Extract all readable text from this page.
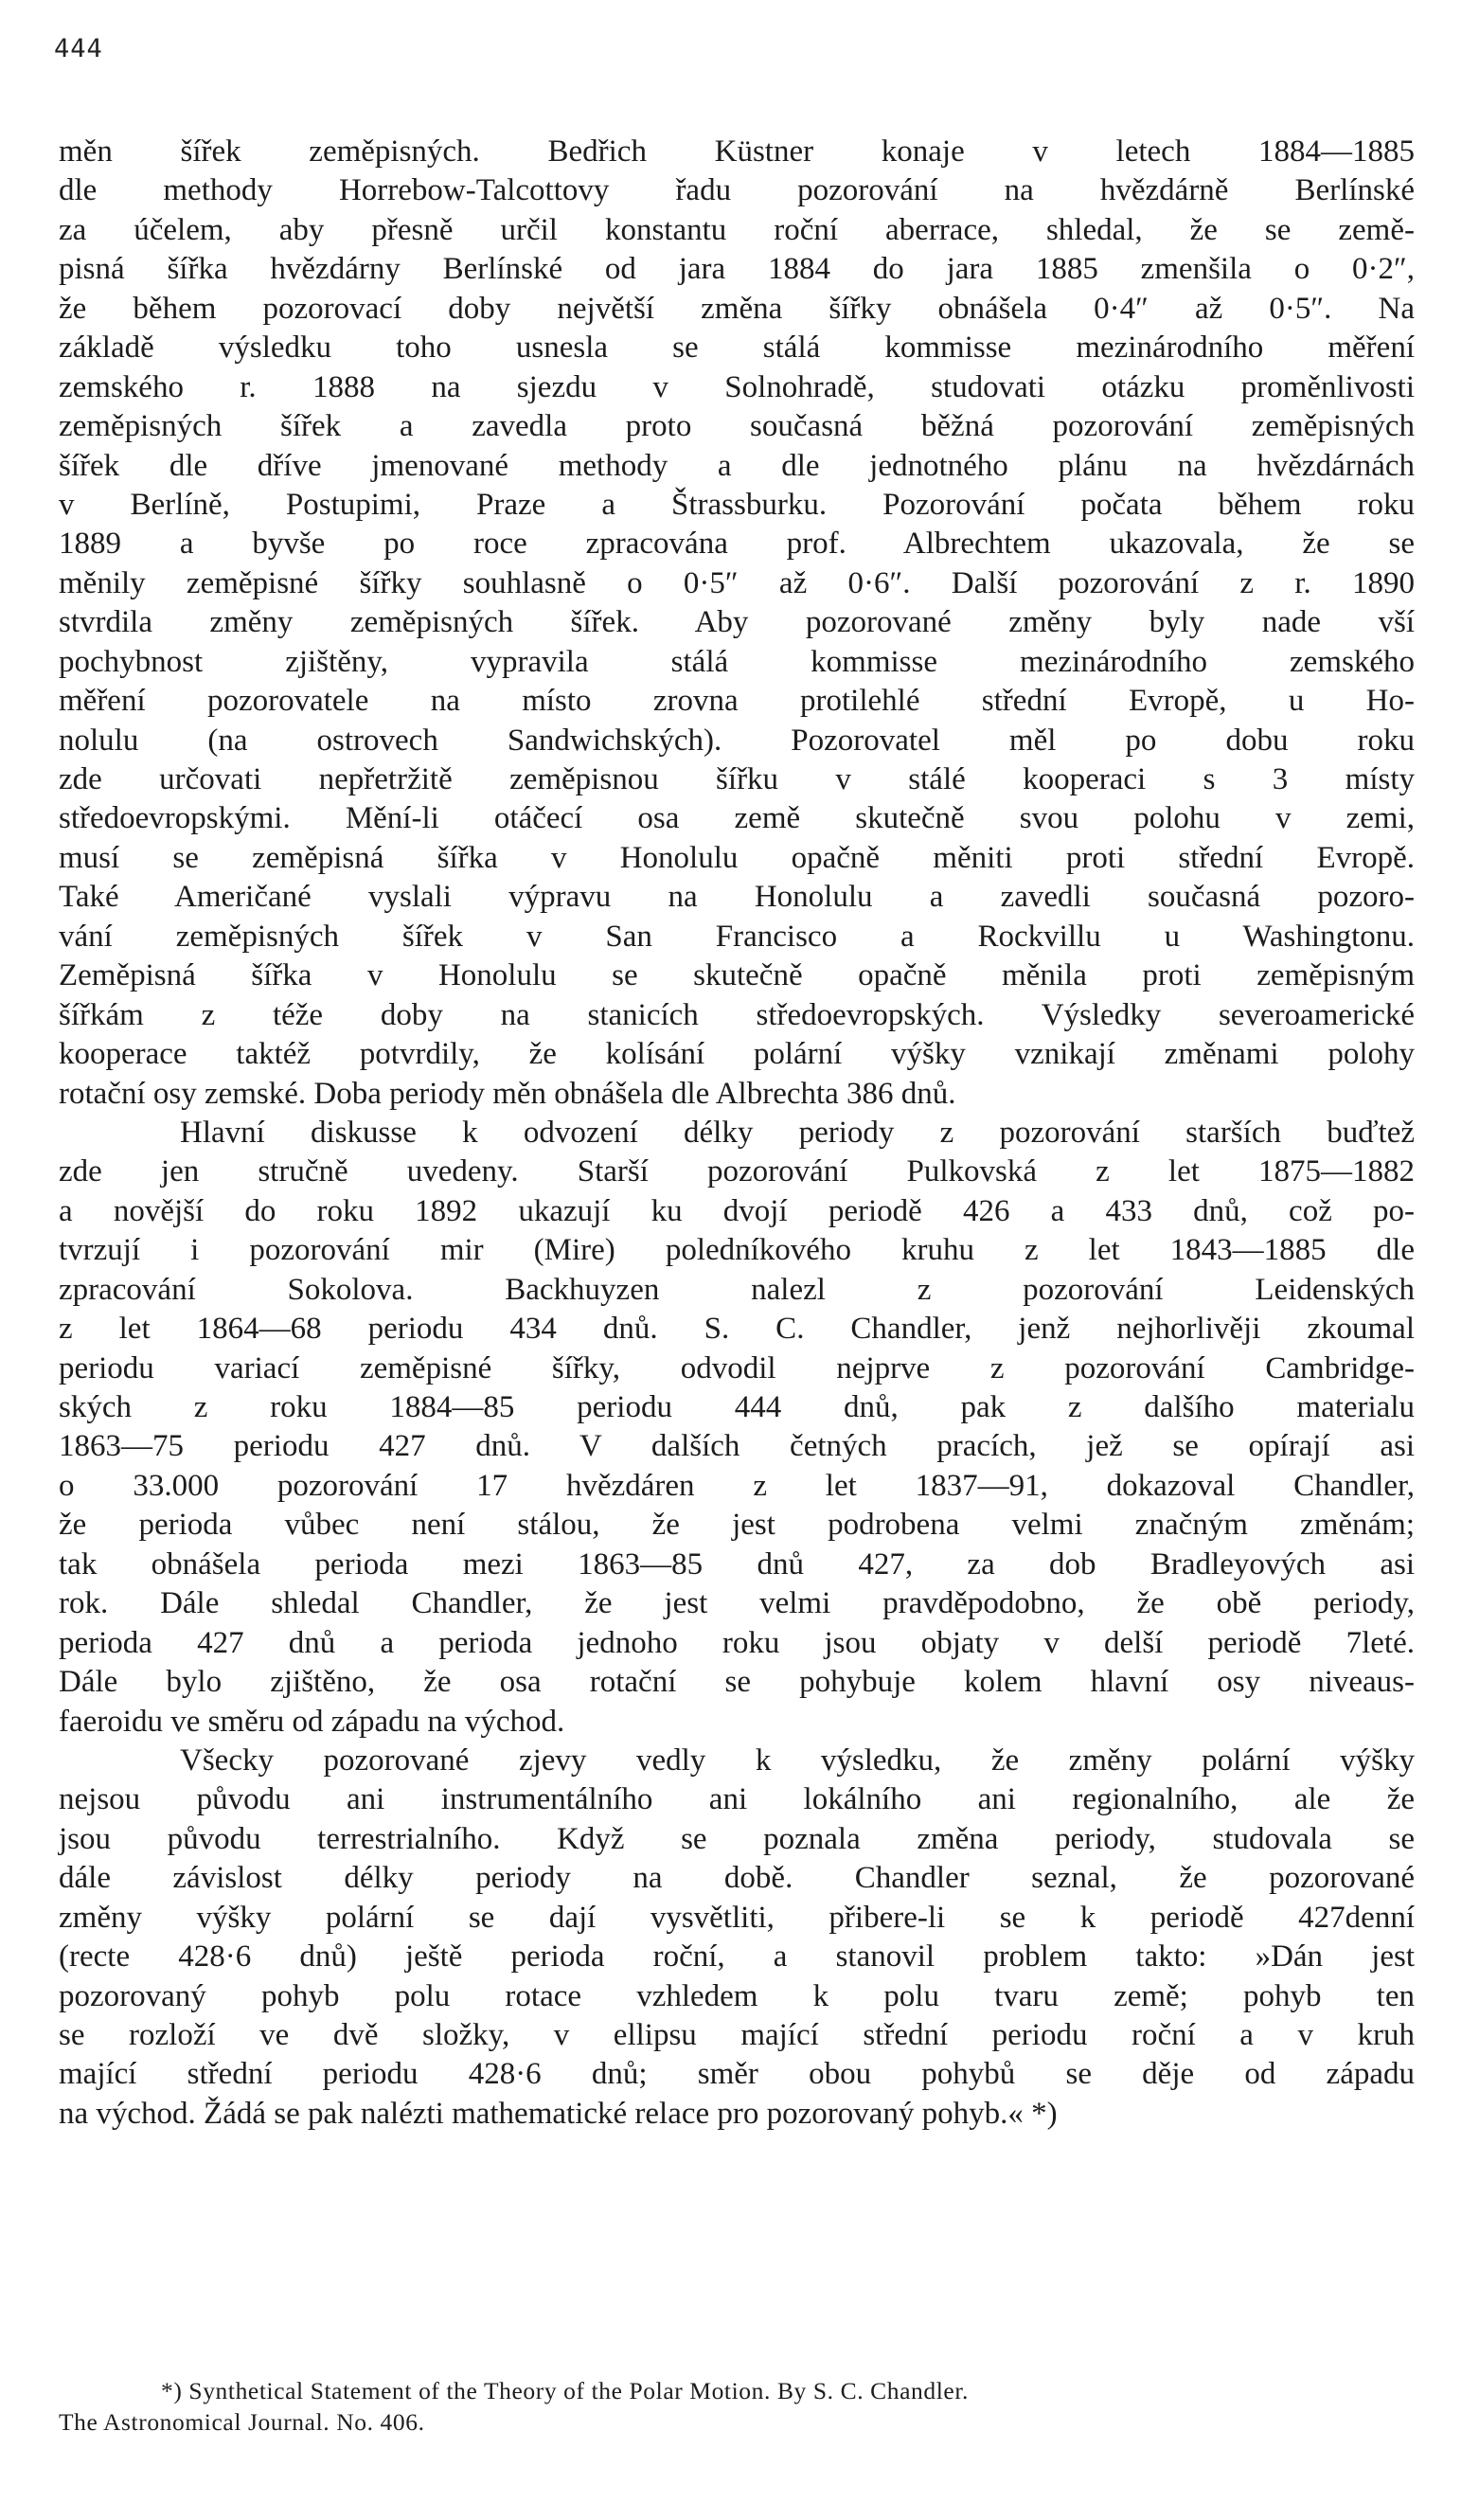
444
měn šířek zeměpisných. Bedřich Küstner konaje v letech 1884—1885
dle methody Horrebow-Talcottovy řadu pozorování na hvězdárně Berlínské
za účelem, aby přesně určil konstantu roční aberrace, shledal, že se země-
pisná šířka hvězdárny Berlínské od jara 1884 do jara 1885 zmenšila o 0·2″,
že během pozorovací doby největší změna šířky obnášela 0·4″ až 0·5″. Na
základě výsledku toho usnesla se stálá kommisse mezinárodního měření
zemského r. 1888 na sjezdu v Solnohradě, studovati otázku proměnlivosti
zeměpisných šířek a zavedla proto současná běžná pozorování zeměpisných
šířek dle dříve jmenované methody a dle jednotného plánu na hvězdárnách
v Berlíně, Postupimi, Praze a Štrassburku. Pozorování počata během roku
1889 a byvše po roce zpracována prof. Albrechtem ukazovala, že se
měnily zeměpisné šířky souhlasně o 0·5″ až 0·6″. Další pozorování z r. 1890
stvrdila změny zeměpisných šířek. Aby pozorované změny byly nade vší
pochybnost zjištěny, vypravila stálá kommisse mezinárodního zemského
měření pozorovatele na místo zrovna protilehlé střední Evropě, u Ho-
nolulu (na ostrovech Sandwichských). Pozorovatel měl po dobu roku
zde určovati nepřetržitě zeměpisnou šířku v stálé kooperaci s 3 místy
středoevropskými. Mění-li otáčecí osa země skutečně svou polohu v zemi,
musí se zeměpisná šířka v Honolulu opačně měniti proti střední Evropě.
Také Američané vyslali výpravu na Honolulu a zavedli současná pozoro-
vání zeměpisných šířek v San Francisco a Rockvillu u Washingtonu.
Zeměpisná šířka v Honolulu se skutečně opačně měnila proti zeměpisným
šířkám z téže doby na stanicích středoevropských. Výsledky severoamerické
kooperace taktéž potvrdily, že kolísání polární výšky vznikají změnami polohy
rotační osy zemské. Doba periody měn obnášela dle Albrechta 386 dnů.
Hlavní diskusse k odvození délky periody z pozorování starších buďtež
zde jen stručně uvedeny. Starší pozorování Pulkovská z let 1875—1882
a novější do roku 1892 ukazují ku dvojí periodě 426 a 433 dnů, což po-
tvrzují i pozorování mir (Mire) poledníkového kruhu z let 1843—1885 dle
zpracování Sokolova. Backhuyzen nalezl z pozorování Leidenských
z let 1864—68 periodu 434 dnů. S. C. Chandler, jenž nejhorlivěji zkoumal
periodu variací zeměpisné šířky, odvodil nejprve z pozorování Cambridge-
ských z roku 1884—85 periodu 444 dnů, pak z dalšího materialu
1863—75 periodu 427 dnů. V dalších četných pracích, jež se opírají asi
o 33.000 pozorování 17 hvězdáren z let 1837—91, dokazoval Chandler,
že perioda vůbec není stálou, že jest podrobena velmi značným změnám;
tak obnášela perioda mezi 1863—85 dnů 427, za dob Bradleyových asi
rok. Dále shledal Chandler, že jest velmi pravděpodobno, že obě periody,
perioda 427 dnů a perioda jednoho roku jsou objaty v delší periodě 7leté.
Dále bylo zjištěno, že osa rotační se pohybuje kolem hlavní osy niveaus-
faeroidu ve směru od západu na východ.
Všecky pozorované zjevy vedly k výsledku, že změny polární výšky
nejsou původu ani instrumentálního ani lokálního ani regionalního, ale že
jsou původu terrestrialního. Když se poznala změna periody, studovala se
dále závislost délky periody na době. Chandler seznal, že pozorované
změny výšky polární se dají vysvětliti, přibere-li se k periodě 427denní
(recte 428·6 dnů) ještě perioda roční, a stanovil problem takto: »Dán jest
pozorovaný pohyb polu rotace vzhledem k polu tvaru země; pohyb ten
se rozloží ve dvě složky, v ellipsu mající střední periodu roční a v kruh
mající střední periodu 428·6 dnů; směr obou pohybů se děje od západu
na východ. Žádá se pak nalézti mathematické relace pro pozorovaný pohyb.« *)
*) Synthetical Statement of the Theory of the Polar Motion. By S. C. Chandler.
The Astronomical Journal. No. 406.
